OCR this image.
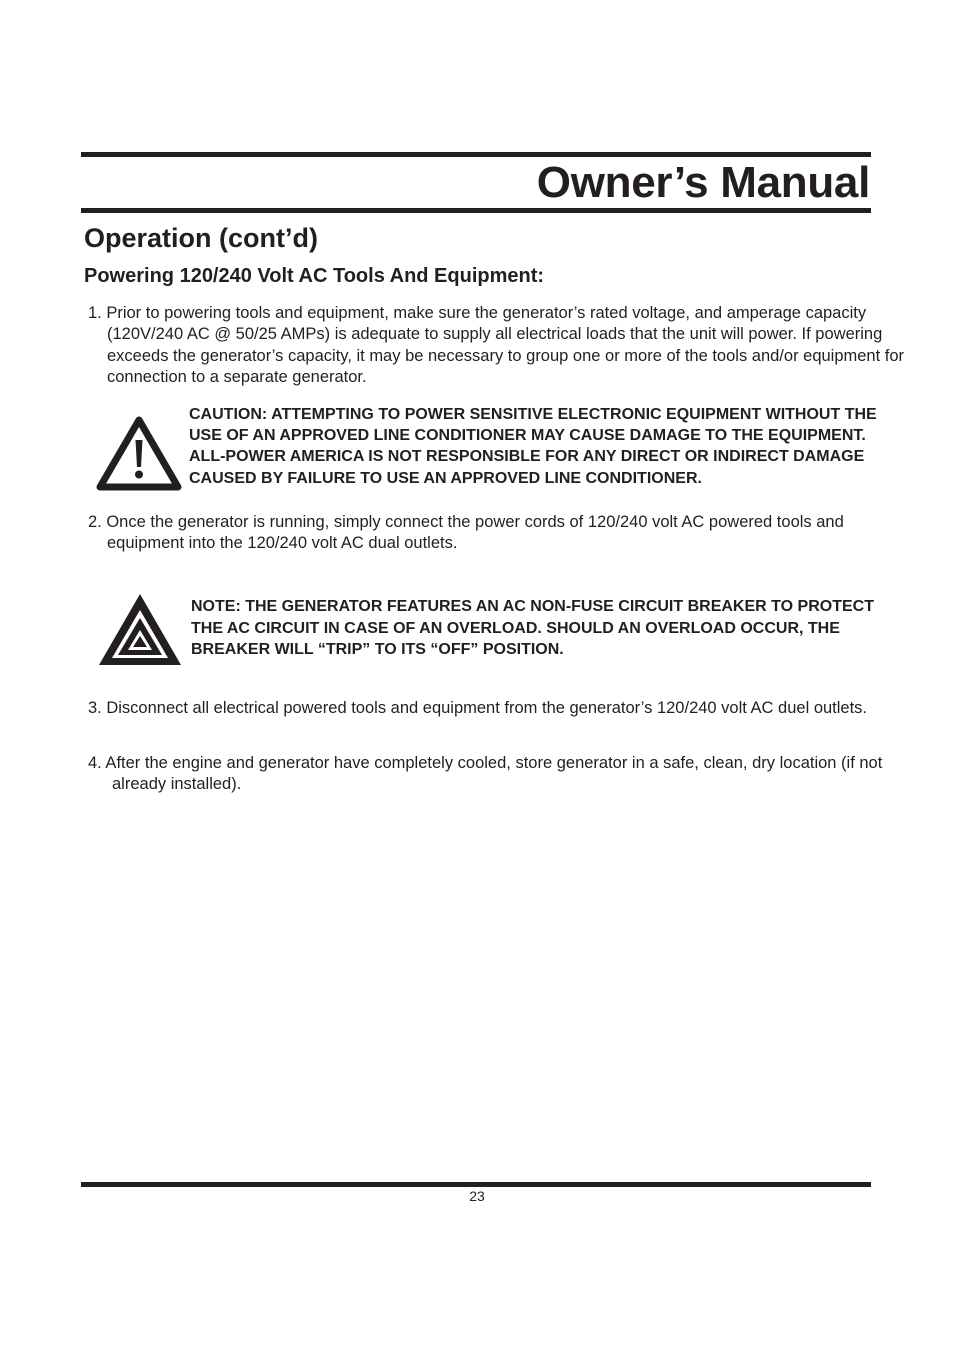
Owner’s Manual
Operation (cont’d)
Powering 120/240 Volt AC Tools And Equipment:

1. Prior to powering tools and equipment, make sure the generator’s rated voltage, and amperage capacity (120V/240 AC @ 50/25 AMPs) is adequate to supply all electrical loads that the unit will power. If powering exceeds the generator’s capacity, it may be necessary to group one or more of the tools and/or equipment for connection to a separate generator.

CAUTION: ATTEMPTING TO POWER SENSITIVE ELECTRONIC EQUIPMENT WITHOUT THE USE OF AN APPROVED LINE CONDITIONER MAY CAUSE DAMAGE TO THE EQUIPMENT. ALL-POWER AMERICA IS NOT RESPONSIBLE FOR ANY DIRECT OR INDIRECT DAMAGE CAUSED BY FAILURE TO USE AN APPROVED LINE CONDITIONER.

2. Once the generator is running, simply connect the power cords of 120/240 volt AC powered tools and equipment into the 120/240 volt AC dual outlets.

NOTE: THE GENERATOR FEATURES AN AC NON-FUSE CIRCUIT BREAKER TO PROTECT THE AC CIRCUIT IN CASE OF AN OVERLOAD. SHOULD AN OVERLOAD OCCUR, THE BREAKER WILL “TRIP” TO ITS “OFF” POSITION.

3. Disconnect all electrical powered tools and equipment from the generator’s 120/240 volt AC duel outlets.

4. After the engine and generator have completely cooled, store generator in a safe, clean, dry location (if not already installed).

23
